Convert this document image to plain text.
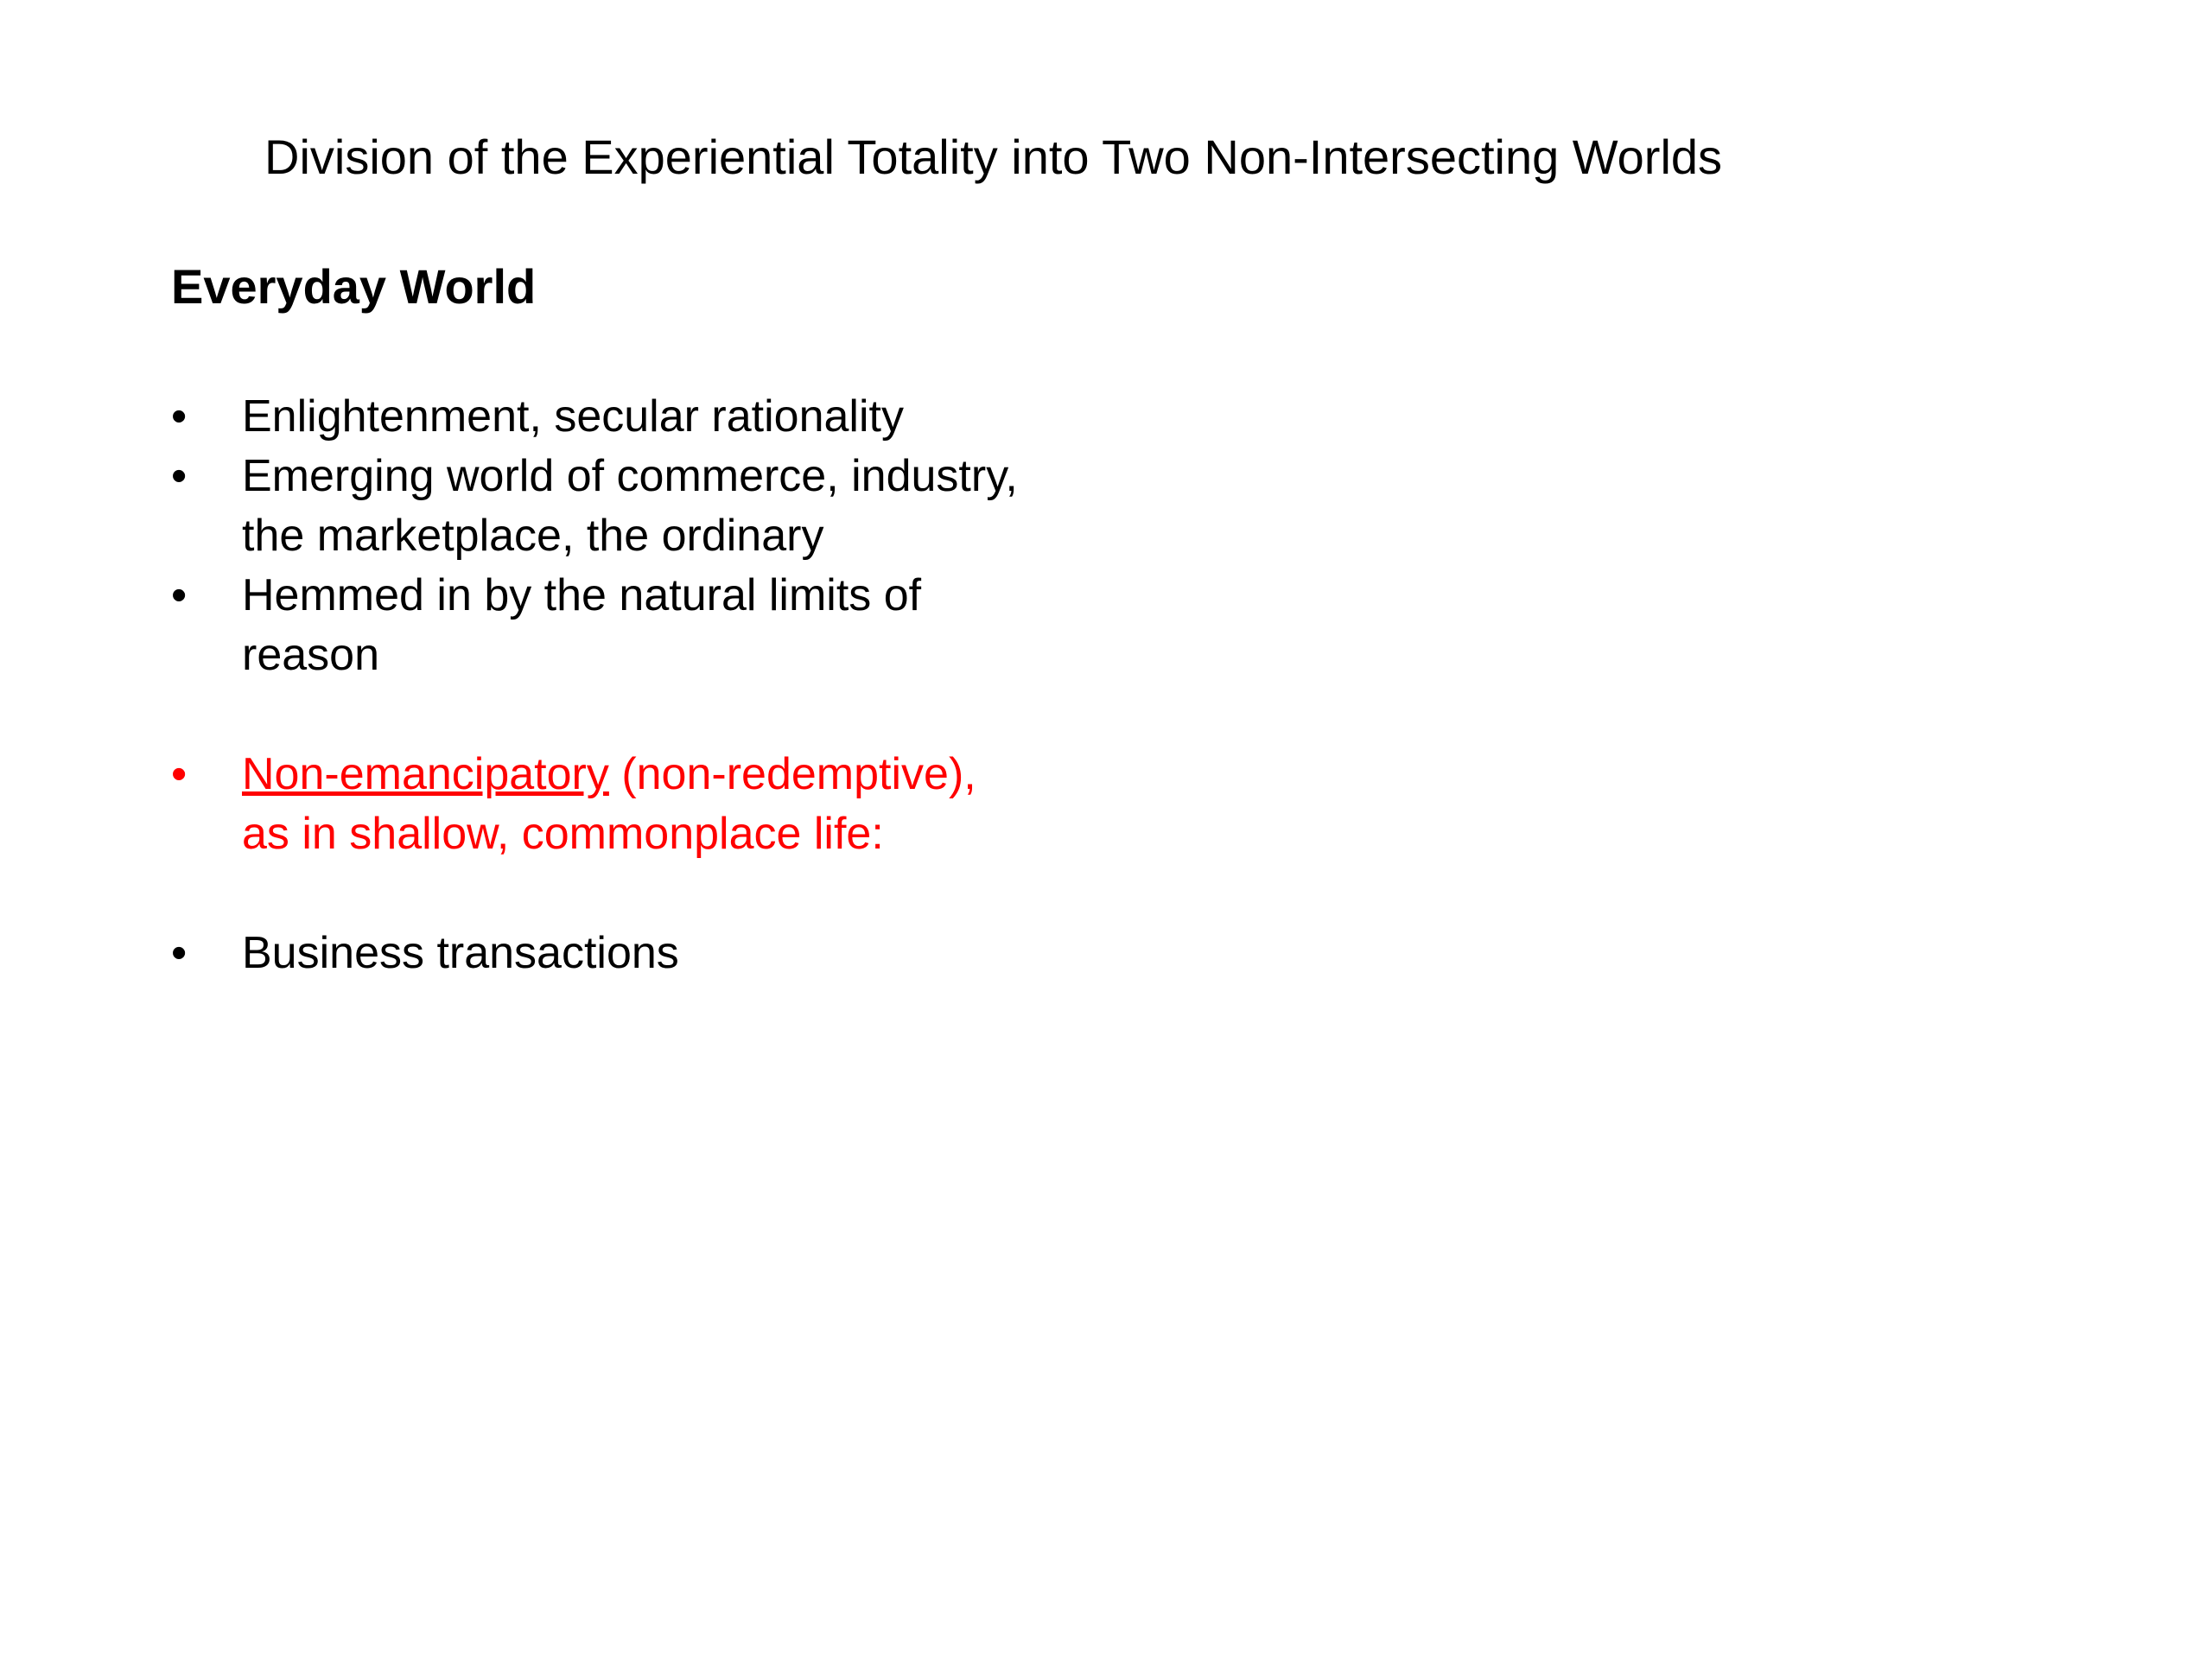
Division of the Experiential Totality into Two Non-Intersecting Worlds
Everyday World
•	Enlightenment, secular rationality
•	Emerging world of commerce, industry,
the marketplace, the ordinary
•	Hemmed in by the natural limits of
reason
•	Non-emancipatory (non-redemptive),
as in shallow, commonplace life:
•	Business transactions
